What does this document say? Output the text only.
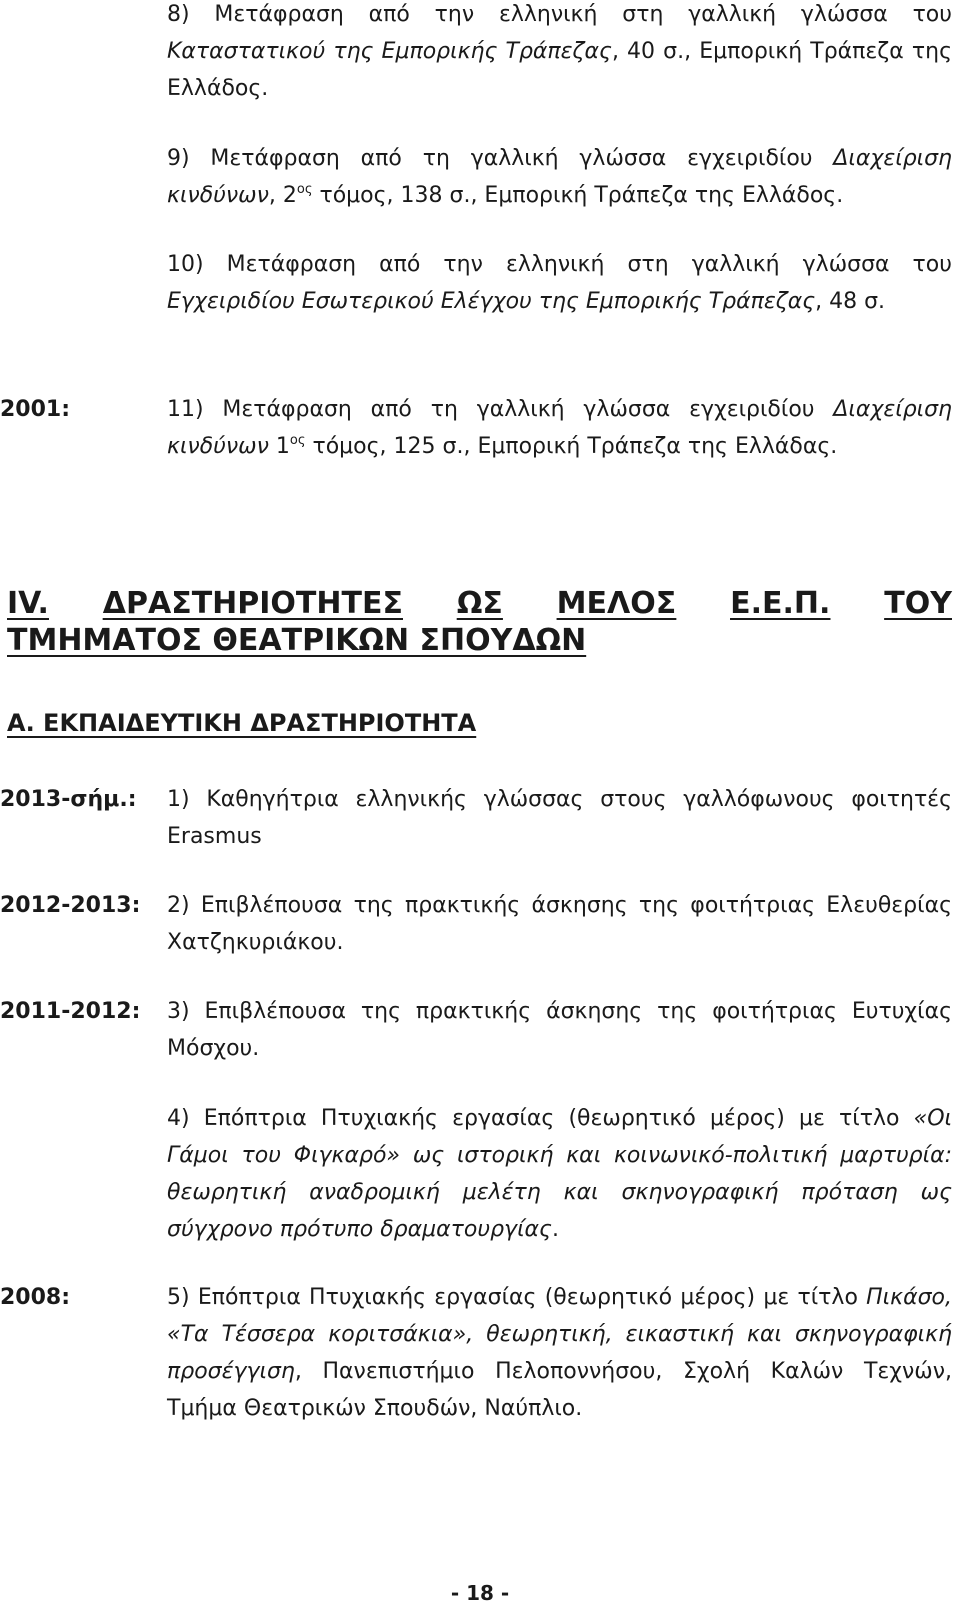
8) Μετάφραση από την ελληνική στη γαλλική γλώσσα του Καταστατικού της Εμπορικής Τράπεζας, 40 σ., Εμπορική Τράπεζα της Ελλάδος.
9) Μετάφραση από τη γαλλική γλώσσα εγχειριδίου Διαχείριση κινδύνων, $2^{o\varsigma}$ τόμος, 138 σ., Εμπορική Τράπεζα της Ελλάδος.
10) Μετάφραση από την ελληνική στη γαλλική γλώσσα του Εγχειριδίου Εσωτερικού Ελέγχου της Εμπορικής Τράπεζας, 48 σ.
2001:	11) Μετάφραση από τη γαλλική γλώσσα εγχειριδίου Διαχείριση κινδύνων $1^{o\varsigma}$ τόμος, 125 σ., Εμπορική Τράπεζα της Ελλάδας.
IV. ΔΡΑΣΤΗΡΙΟΤΗΤΕΣ ΩΣ ΜΕΛΟΣ Ε.Ε.Π. ΤΟΥ
ΤΜΗΜΑΤΟΣ ΘΕΑΤΡΙΚΩΝ ΣΠΟΥΔΩΝ
Α. ΕΚΠΑΙΔΕΥΤΙΚΗ ΔΡΑΣΤΗΡΙΟΤΗΤΑ
2013-σήμ.:	1) Καθηγήτρια ελληνικής γλώσσας στους γαλλόφωνους φοιτητές Erasmus
2012-2013:	2) Επιβλέπουσα της πρακτικής άσκησης της φοιτήτριας Ελευθερίας Χατζηκυριάκου.
2011-2012:	3) Επιβλέπουσα της πρακτικής άσκησης της φοιτήτριας Ευτυχίας Μόσχου.
4) Επόπτρια Πτυχιακής εργασίας (θεωρητικό μέρος) με τίτλο «Οι Γάμοι του Φιγκαρό» ως ιστορική και κοινωνικό-πολιτική μαρτυρία: θεωρητική αναδρομική μελέτη και σκηνογραφική πρόταση ως σύγχρονο πρότυπο δραματουργίας.
2008:	5) Επόπτρια Πτυχιακής εργασίας (θεωρητικό μέρος) με τίτλο Πικάσο, «Τα Τέσσερα κοριτσάκια», θεωρητική, εικαστική και σκηνογραφική προσέγγιση, Πανεπιστήμιο Πελοποννήσου, Σχολή Καλών Τεχνών, Τμήμα Θεατρικών Σπουδών, Ναύπλιο.
- 18 -
